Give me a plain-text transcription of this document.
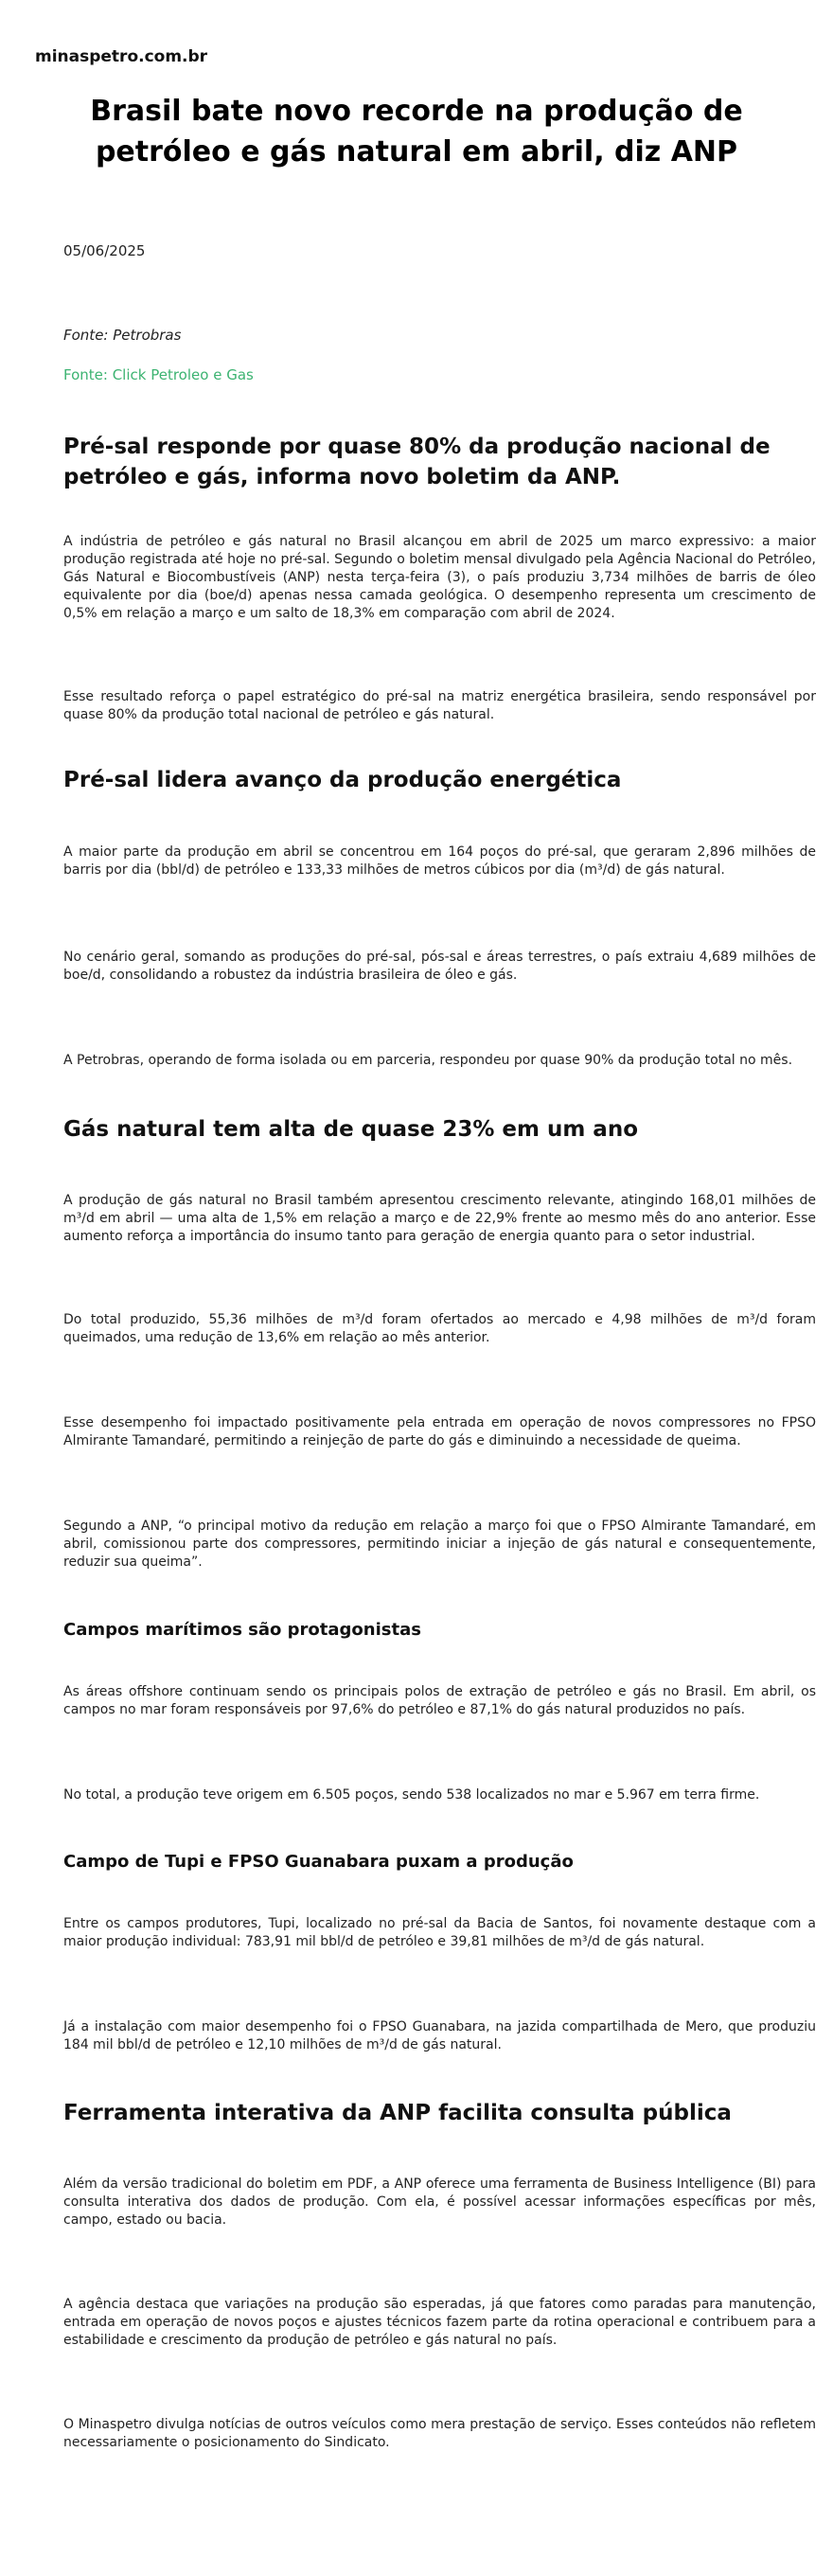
minaspetro.com.br
Brasil bate novo recorde na produção de petróleo e gás natural em abril, diz ANP
05/06/2025
Fonte: Petrobras
Fonte: Click Petroleo e Gas
Pré-sal responde por quase 80% da produção nacional de petróleo e gás, informa novo boletim da ANP.

A indústria de petróleo e gás natural no Brasil alcançou em abril de 2025 um marco expressivo: a maior produção registrada até hoje no pré-sal. Segundo o boletim mensal divulgado pela Agência Nacional do Petróleo, Gás Natural e Biocombustíveis (ANP) nesta terça-feira (3), o país produziu 3,734 milhões de barris de óleo equivalente por dia (boe/d) apenas nessa camada geológica. O desempenho representa um crescimento de 0,5% em relação a março e um salto de 18,3% em comparação com abril de 2024.

Esse resultado reforça o papel estratégico do pré-sal na matriz energética brasileira, sendo responsável por quase 80% da produção total nacional de petróleo e gás natural.

Pré-sal lidera avanço da produção energética

A maior parte da produção em abril se concentrou em 164 poços do pré-sal, que geraram 2,896 milhões de barris por dia (bbl/d) de petróleo e 133,33 milhões de metros cúbicos por dia (m³/d) de gás natural.

No cenário geral, somando as produções do pré-sal, pós-sal e áreas terrestres, o país extraiu 4,689 milhões de boe/d, consolidando a robustez da indústria brasileira de óleo e gás.

A Petrobras, operando de forma isolada ou em parceria, respondeu por quase 90% da produção total no mês.

Gás natural tem alta de quase 23% em um ano

A produção de gás natural no Brasil também apresentou crescimento relevante, atingindo 168,01 milhões de m³/d em abril — uma alta de 1,5% em relação a março e de 22,9% frente ao mesmo mês do ano anterior. Esse aumento reforça a importância do insumo tanto para geração de energia quanto para o setor industrial.

Do total produzido, 55,36 milhões de m³/d foram ofertados ao mercado e 4,98 milhões de m³/d foram queimados, uma redução de 13,6% em relação ao mês anterior.

Esse desempenho foi impactado positivamente pela entrada em operação de novos compressores no FPSO Almirante Tamandaré, permitindo a reinjeção de parte do gás e diminuindo a necessidade de queima.

Segundo a ANP, “o principal motivo da redução em relação a março foi que o FPSO Almirante Tamandaré, em abril, comissionou parte dos compressores, permitindo iniciar a injeção de gás natural e consequentemente, reduzir sua queima”.

Campos marítimos são protagonistas

As áreas offshore continuam sendo os principais polos de extração de petróleo e gás no Brasil. Em abril, os campos no mar foram responsáveis por 97,6% do petróleo e 87,1% do gás natural produzidos no país.

No total, a produção teve origem em 6.505 poços, sendo 538 localizados no mar e 5.967 em terra firme.

Campo de Tupi e FPSO Guanabara puxam a produção

Entre os campos produtores, Tupi, localizado no pré-sal da Bacia de Santos, foi novamente destaque com a maior produção individual: 783,91 mil bbl/d de petróleo e 39,81 milhões de m³/d de gás natural.

Já a instalação com maior desempenho foi o FPSO Guanabara, na jazida compartilhada de Mero, que produziu 184 mil bbl/d de petróleo e 12,10 milhões de m³/d de gás natural.

Ferramenta interativa da ANP facilita consulta pública

Além da versão tradicional do boletim em PDF, a ANP oferece uma ferramenta de Business Intelligence (BI) para consulta interativa dos dados de produção. Com ela, é possível acessar informações específicas por mês, campo, estado ou bacia.

A agência destaca que variações na produção são esperadas, já que fatores como paradas para manutenção, entrada em operação de novos poços e ajustes técnicos fazem parte da rotina operacional e contribuem para a estabilidade e crescimento da produção de petróleo e gás natural no país.

O Minaspetro divulga notícias de outros veículos como mera prestação de serviço. Esses conteúdos não refletem necessariamente o posicionamento do Sindicato.
